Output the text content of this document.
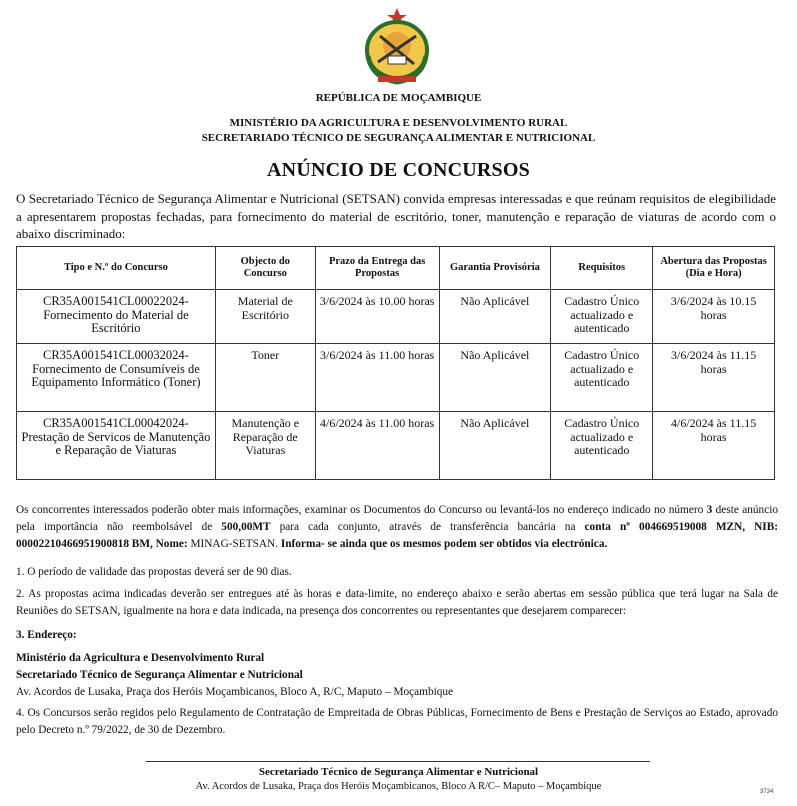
REPÚBLICA DE MOÇAMBIQUE
MINISTÉRIO DA AGRICULTURA E DESENVOLVIMENTO RURAL
SECRETARIADO TÉCNICO DE SEGURANÇA ALIMENTAR E NUTRICIONAL
ANÚNCIO DE CONCURSOS
O Secretariado Técnico de Segurança Alimentar e Nutricional (SETSAN) convida empresas interessadas e que reúnam requisitos de elegibilidade a apresentarem propostas fechadas, para fornecimento do material de escritório, toner, manutenção e reparação de viaturas de acordo com o abaixo discriminado:
Tipo e N.º do Concurso	Objecto do Concurso	Prazo da Entrega das Propostas	Garantia Provisória	Requisitos	Abertura das Propostas (Dia e Hora)
CR35A001541CL00022024-Fornecimento do Material de Escritório	Material de Escritório	3/6/2024 às 10.00 horas	Não Aplicável	Cadastro Único actualizado e autenticado	3/6/2024 às 10.15 horas
CR35A001541CL00032024-Fornecimento de Consumíveis de Equipamento Informático (Toner)	Toner	3/6/2024 às 11.00 horas	Não Aplicável	Cadastro Único actualizado e autenticado	3/6/2024 às 11.15 horas
CR35A001541CL00042024-Prestação de Servicos de Manutenção e Reparação de Viaturas	Manutenção e Reparação de Viaturas	4/6/2024 às 11.00 horas	Não Aplicável	Cadastro Único actualizado e autenticado	4/6/2024 às 11.15 horas
Os concorrentes interessados poderão obter mais informações, examinar os Documentos do Concurso ou levantá-los no endereço indicado no número 3 deste anúncio pela importância não reembolsável de 500,00MT para cada conjunto, através de transferência bancária na conta nº 004669519008 MZN, NIB: 00002210466951900818 BM, Nome: MINAG-SETSAN. Informa- se ainda que os mesmos podem ser obtidos via electrónica.
1. O período de validade das propostas deverá ser de 90 dias.
2. As propostas acima indicadas deverão ser entregues até às horas e data-limite, no endereço abaixo e serão abertas em sessão pública que terá lugar na Sala de Reuniões do SETSAN, igualmente na hora e data indicada, na presença dos concorrentes ou representantes que desejarem comparecer:
3. Endereço:
Ministério da Agricultura e Desenvolvimento Rural
Secretariado Técnico de Segurança Alimentar e Nutricional
Av. Acordos de Lusaka, Praça dos Heróis Moçambicanos, Bloco A, R/C, Maputo – Moçambique
4. Os Concursos serão regidos pelo Regulamento de Contratação de Empreitada de Obras Públicas, Fornecimento de Bens e Prestação de Serviços ao Estado, aprovado pelo Decreto n.º 79/2022, de 30 de Dezembro.
Secretariado Técnico de Segurança Alimentar e Nutricional
Av. Acordos de Lusaka, Praça dos Heróis Moçambicanos, Bloco A R/C– Maputo – Moçambique	3734
